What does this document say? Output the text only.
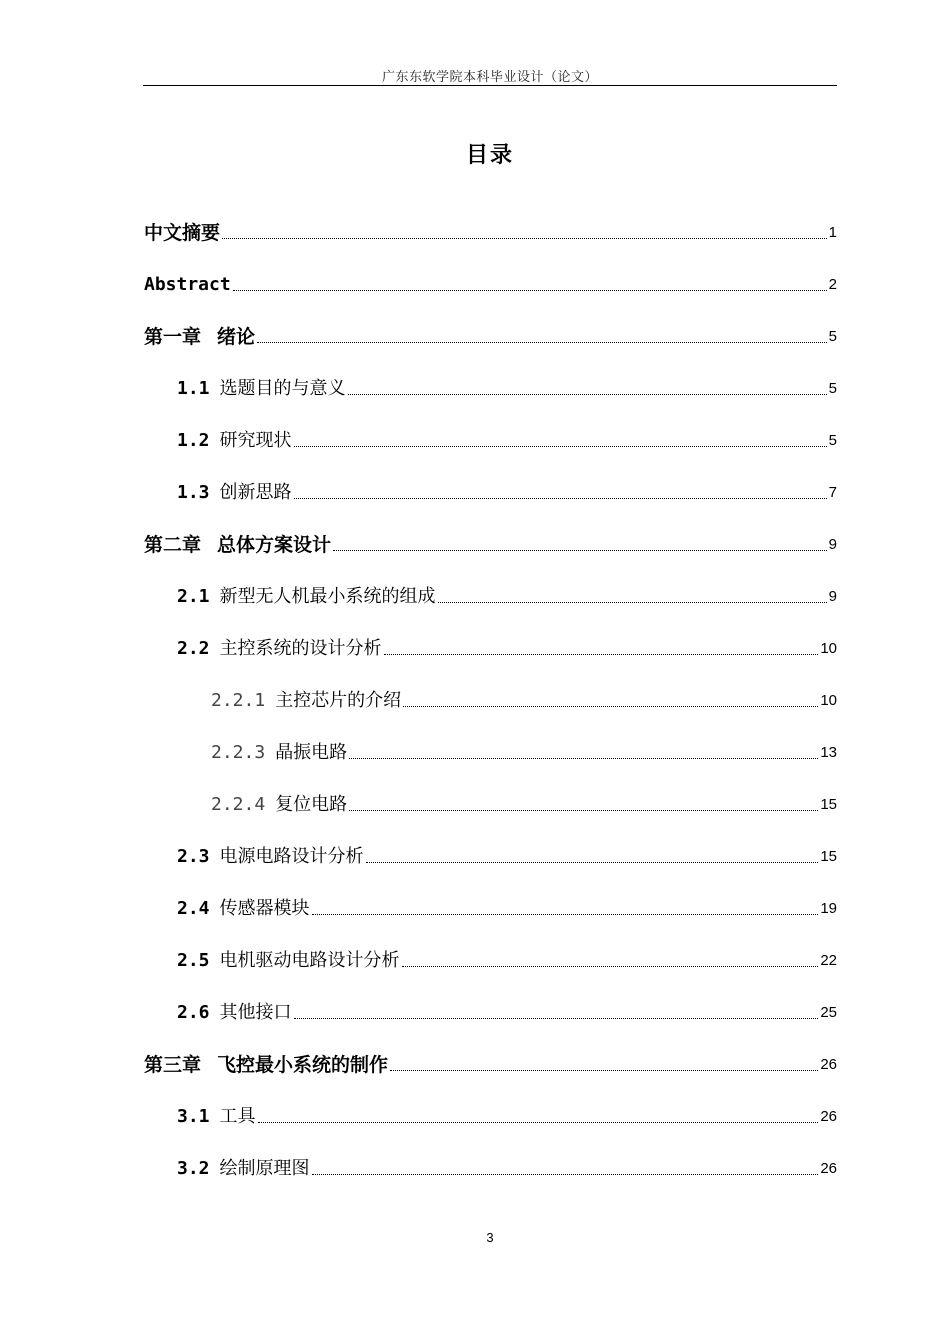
广东东软学院本科毕业设计（论文）
目录
中文摘要	1
Abstract	2
第一章 绪论	5
1.1 选题目的与意义	5
1.2 研究现状	5
1.3 创新思路	7
第二章 总体方案设计	9
2.1 新型无人机最小系统的组成	9
2.2 主控系统的设计分析	10
2.2.1 主控芯片的介绍	10
2.2.3 晶振电路	13
2.2.4 复位电路	15
2.3 电源电路设计分析	15
2.4 传感器模块	19
2.5 电机驱动电路设计分析	22
2.6 其他接口	25
第三章 飞控最小系统的制作	26
3.1 工具	26
3.2 绘制原理图	26
3
